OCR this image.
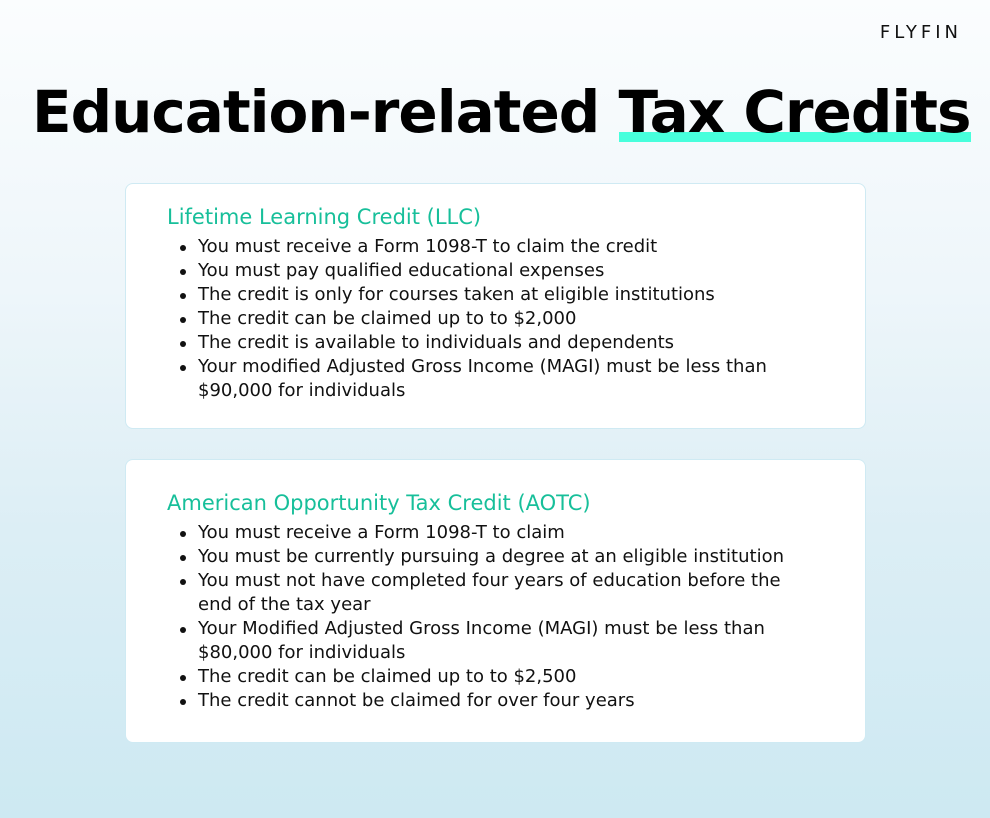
FLYFIN
Education-related Tax Credits
Lifetime Learning Credit (LLC)
You must receive a Form 1098-T to claim the credit
You must pay qualified educational expenses
The credit is only for courses taken at eligible institutions
The credit can be claimed up to to $2,000
The credit is available to individuals and dependents
Your modified Adjusted Gross Income (MAGI) must be less than $90,000 for individuals
American Opportunity Tax Credit (AOTC)
You must receive a Form 1098-T to claim
You must be currently pursuing a degree at an eligible institution
You must not have completed four years of education before the end of the tax year
Your Modified Adjusted Gross Income (MAGI) must be less than $80,000 for individuals
The credit can be claimed up to to $2,500
The credit cannot be claimed for over four years
